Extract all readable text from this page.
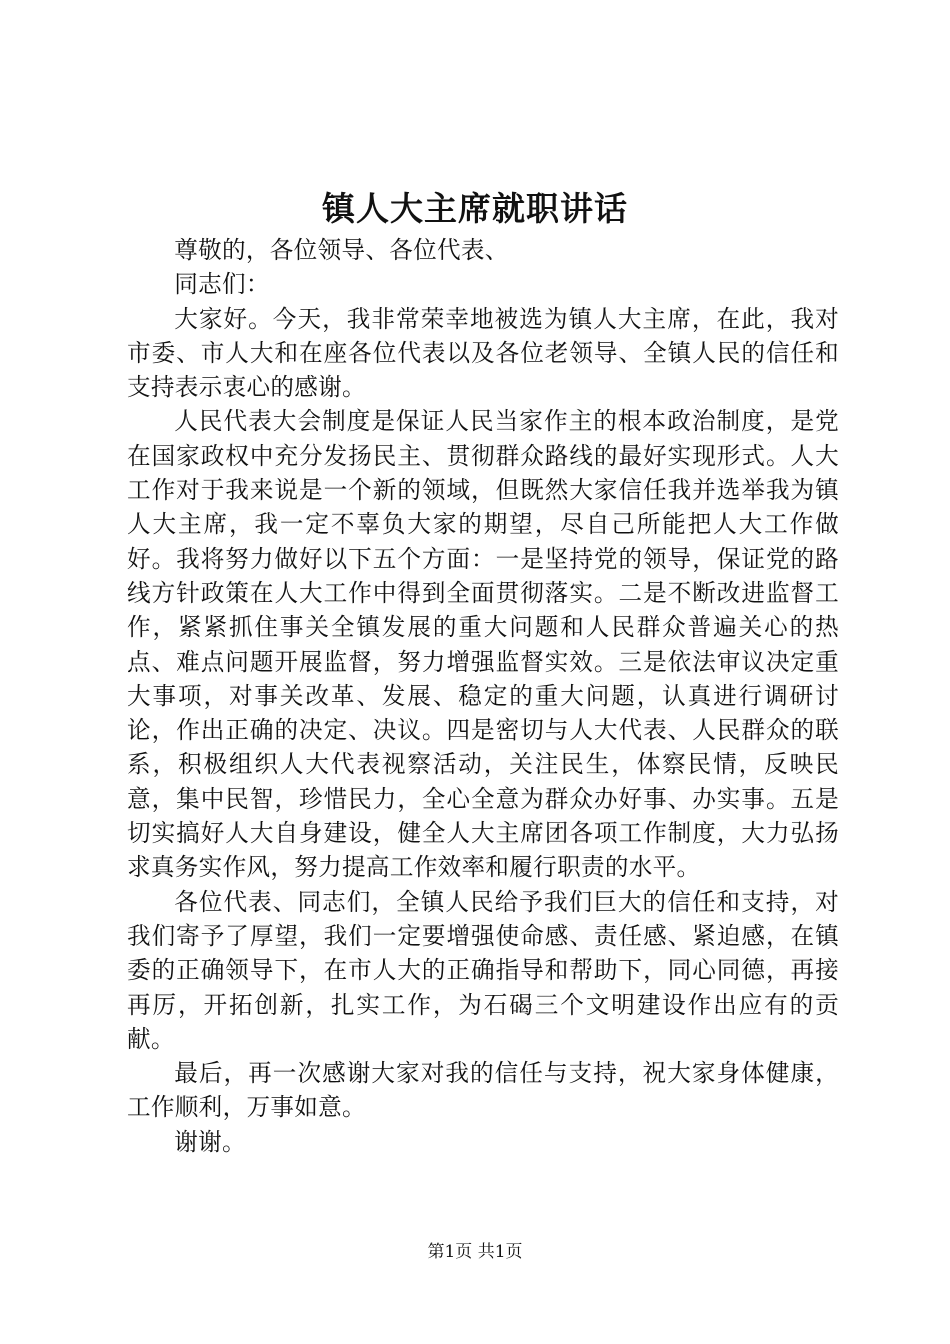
镇人大主席就职讲话

尊敬的，各位领导、各位代表、

同志们：

大家好。今天，我非常荣幸地被选为镇人大主席，在此，我对市委、市人大和在座各位代表以及各位老领导、全镇人民的信任和支持表示衷心的感谢。

人民代表大会制度是保证人民当家作主的根本政治制度，是党在国家政权中充分发扬民主、贯彻群众路线的最好实现形式。人大工作对于我来说是一个新的领域，但既然大家信任我并选举我为镇人大主席，我一定不辜负大家的期望，尽自己所能把人大工作做好。我将努力做好以下五个方面：一是坚持党的领导，保证党的路线方针政策在人大工作中得到全面贯彻落实。二是不断改进监督工作，紧紧抓住事关全镇发展的重大问题和人民群众普遍关心的热点、难点问题开展监督，努力增强监督实效。三是依法审议决定重大事项，对事关改革、发展、稳定的重大问题，认真进行调研讨论，作出正确的决定、决议。四是密切与人大代表、人民群众的联系，积极组织人大代表视察活动，关注民生，体察民情，反映民意，集中民智，珍惜民力，全心全意为群众办好事、办实事。五是切实搞好人大自身建设，健全人大主席团各项工作制度，大力弘扬求真务实作风，努力提高工作效率和履行职责的水平。

各位代表、同志们，全镇人民给予我们巨大的信任和支持，对我们寄予了厚望，我们一定要增强使命感、责任感、紧迫感，在镇委的正确领导下，在市人大的正确指导和帮助下，同心同德，再接再厉，开拓创新，扎实工作，为石碣三个文明建设作出应有的贡献。

最后，再一次感谢大家对我的信任与支持，祝大家身体健康，工作顺利，万事如意。

谢谢。

第1页 共1页
